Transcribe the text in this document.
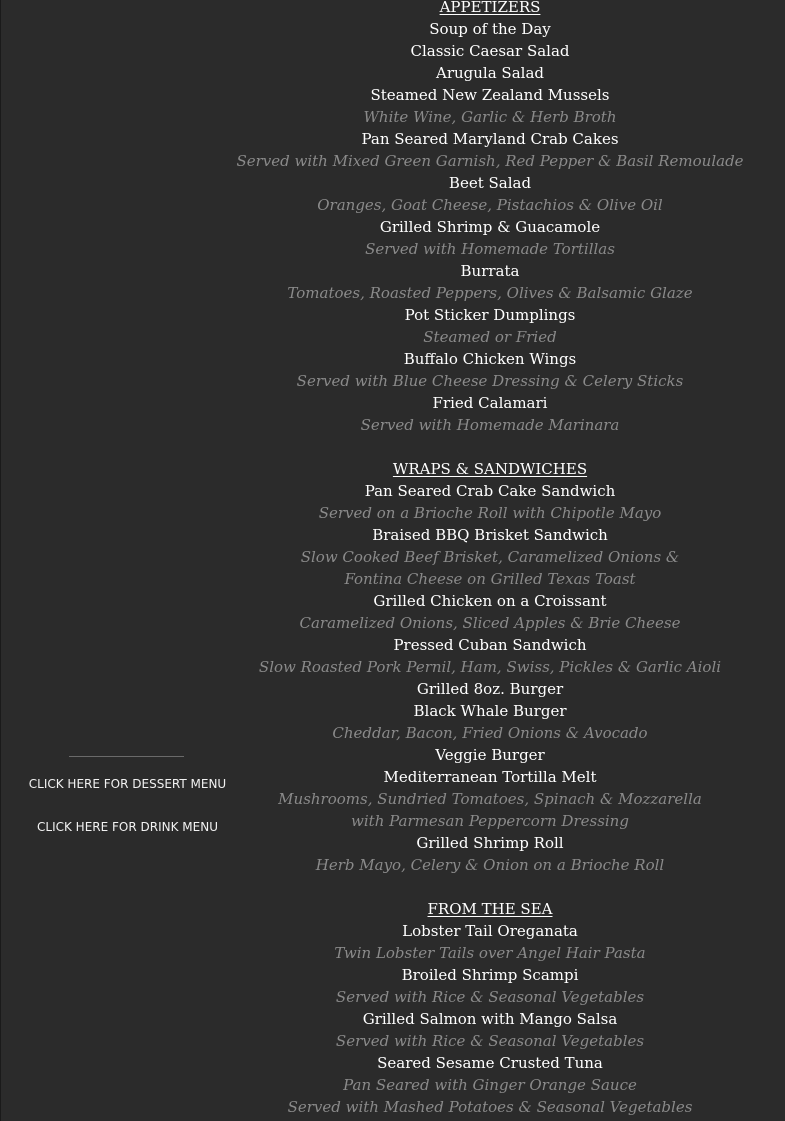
CLICK HERE FOR DESSERT MENU
CLICK HERE FOR DRINK MENU
APPETIZERS
Soup of the Day
Classic Caesar Salad
Arugula Salad
Steamed New Zealand Mussels
White Wine, Garlic & Herb Broth
Pan Seared Maryland Crab Cakes
Served with Mixed Green Garnish, Red Pepper & Basil Remoulade
Beet Salad
Oranges, Goat Cheese, Pistachios & Olive Oil
Grilled Shrimp & Guacamole
Served with Homemade Tortillas
Burrata
Tomatoes, Roasted Peppers, Olives & Balsamic Glaze
Pot Sticker Dumplings
Steamed or Fried
Buffalo Chicken Wings
Served with Blue Cheese Dressing & Celery Sticks
Fried Calamari
Served with Homemade Marinara
WRAPS & SANDWICHES
Pan Seared Crab Cake Sandwich
Served on a Brioche Roll with Chipotle Mayo
Braised BBQ Brisket Sandwich
Slow Cooked Beef Brisket, Caramelized Onions &
Fontina Cheese on Grilled Texas Toast
Grilled Chicken on a Croissant
Caramelized Onions, Sliced Apples & Brie Cheese
Pressed Cuban Sandwich
Slow Roasted Pork Pernil, Ham, Swiss, Pickles & Garlic Aioli
Grilled 8oz. Burger
Black Whale Burger
Cheddar, Bacon, Fried Onions & Avocado
Veggie Burger
Mediterranean Tortilla Melt
Mushrooms, Sundried Tomatoes, Spinach & Mozzarella
with Parmesan Peppercorn Dressing
Grilled Shrimp Roll
Herb Mayo, Celery & Onion on a Brioche Roll
FROM THE SEA
Lobster Tail Oreganata
Twin Lobster Tails over Angel Hair Pasta
Broiled Shrimp Scampi
Served with Rice & Seasonal Vegetables
Grilled Salmon with Mango Salsa
Served with Rice & Seasonal Vegetables
Seared Sesame Crusted Tuna
Pan Seared with Ginger Orange Sauce
Served with Mashed Potatoes & Seasonal Vegetables
